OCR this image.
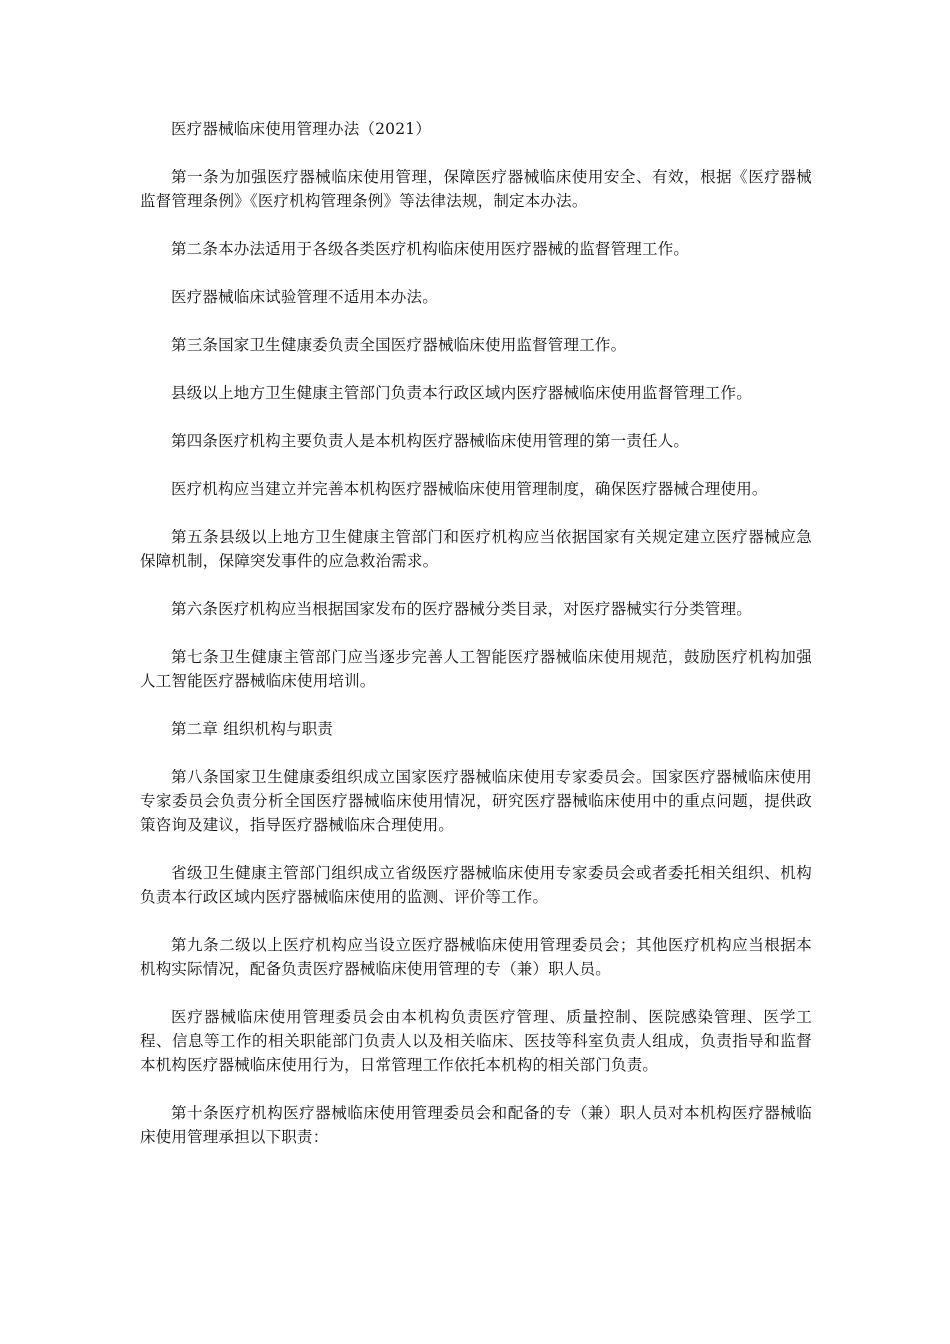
医疗器械临床使用管理办法（2021）

第一条为加强医疗器械临床使用管理，保障医疗器械临床使用安全、有效，根据《医疗器械监督管理条例》《医疗机构管理条例》等法律法规，制定本办法。

第二条本办法适用于各级各类医疗机构临床使用医疗器械的监督管理工作。

医疗器械临床试验管理不适用本办法。

第三条国家卫生健康委负责全国医疗器械临床使用监督管理工作。

县级以上地方卫生健康主管部门负责本行政区域内医疗器械临床使用监督管理工作。

第四条医疗机构主要负责人是本机构医疗器械临床使用管理的第一责任人。

医疗机构应当建立并完善本机构医疗器械临床使用管理制度，确保医疗器械合理使用。

第五条县级以上地方卫生健康主管部门和医疗机构应当依据国家有关规定建立医疗器械应急保障机制，保障突发事件的应急救治需求。

第六条医疗机构应当根据国家发布的医疗器械分类目录，对医疗器械实行分类管理。

第七条卫生健康主管部门应当逐步完善人工智能医疗器械临床使用规范，鼓励医疗机构加强人工智能医疗器械临床使用培训。

第二章 组织机构与职责

第八条国家卫生健康委组织成立国家医疗器械临床使用专家委员会。国家医疗器械临床使用专家委员会负责分析全国医疗器械临床使用情况，研究医疗器械临床使用中的重点问题，提供政策咨询及建议，指导医疗器械临床合理使用。

省级卫生健康主管部门组织成立省级医疗器械临床使用专家委员会或者委托相关组织、机构负责本行政区域内医疗器械临床使用的监测、评价等工作。

第九条二级以上医疗机构应当设立医疗器械临床使用管理委员会；其他医疗机构应当根据本机构实际情况，配备负责医疗器械临床使用管理的专（兼）职人员。

医疗器械临床使用管理委员会由本机构负责医疗管理、质量控制、医院感染管理、医学工程、信息等工作的相关职能部门负责人以及相关临床、医技等科室负责人组成，负责指导和监督本机构医疗器械临床使用行为，日常管理工作依托本机构的相关部门负责。

第十条医疗机构医疗器械临床使用管理委员会和配备的专（兼）职人员对本机构医疗器械临床使用管理承担以下职责：
